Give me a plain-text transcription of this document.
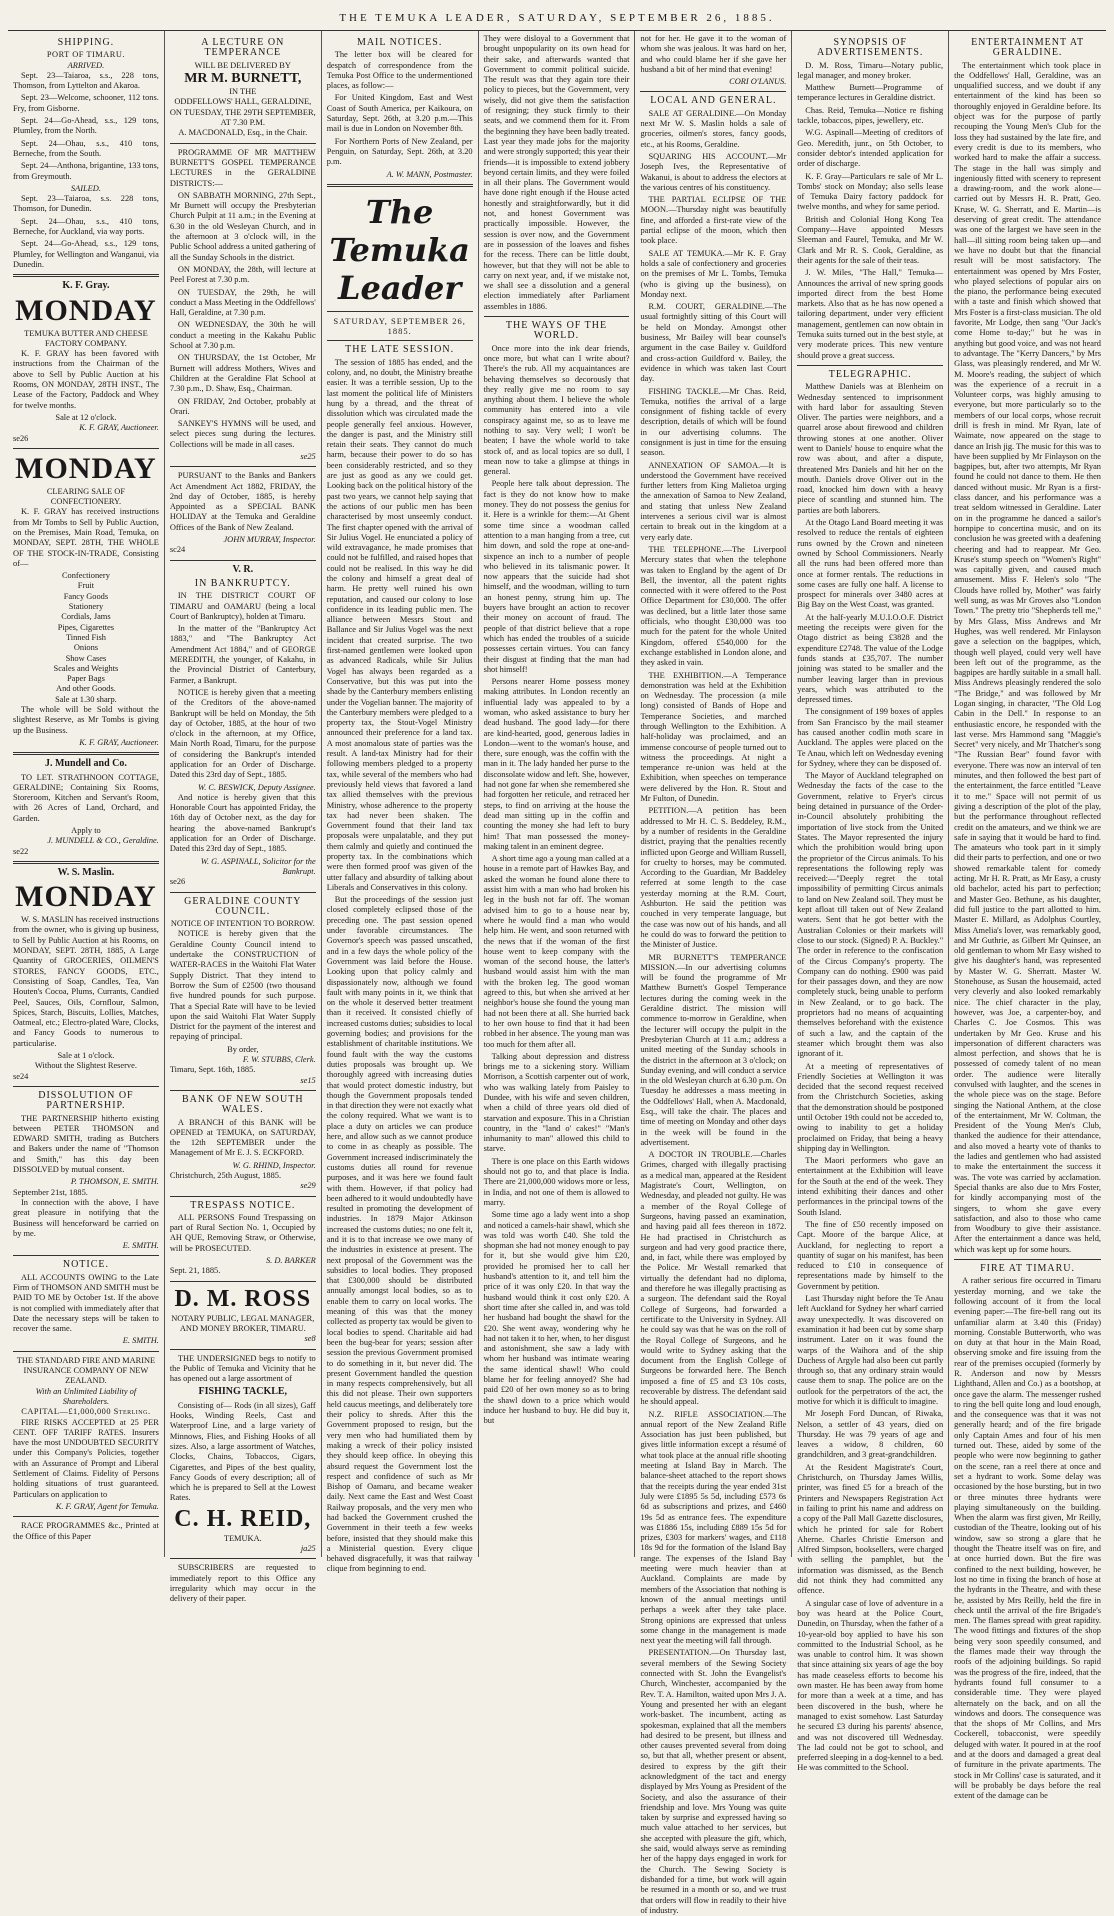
THE TEMUKA LEADER, SATURDAY, SEPTEMBER 26, 1885.
SHIPPING.
PORT OF TIMARU.
ARRIVED.

Sept. 23—Taiaroa, s.s., 228 tons, Thomson, from Lyttelton and Akaroa.

Sept. 23—Welcome, schooner, 112 tons. Fry, from Gisborne.

Sept. 24—Go-Ahead, s.s., 129 tons, Plumley, from the North.

Sept. 24—Ohau, s.s., 410 tons, Berneche, from the South.

Sept. 24—Anthona, brigantine, 133 tons, from Greymouth.

SAILED.

Sept. 23—Taiaroa, s.s. 228 tons, Thomson, for Dunedin.

Sept. 24—Ohau, s.s., 410 tons, Berneche, for Auckland, via way ports.

Sept. 24—Go-Ahead, s.s., 129 tons, Plumley, for Wellington and Wanganui, via Dunedin.

K. F. Gray.
MONDAY
TEMUKA BUTTER AND CHEESE FACTORY COMPANY.

K. F. GRAY has been favored with instructions from the Chairman of the above to Sell by Public Auction at his Rooms, ON MONDAY, 28TH INST., The Lease of the Factory, Paddock and Whey for twelve months.

Sale at 12 o'clock.
K. F. GRAY, Auctioneer.
se26
MONDAY
CLEARING SALE OF CONFECTIONERY.

K. F. GRAY has received instructions from Mr Tombs to Sell by Public Auction, on the Premises, Main Road, Temuka, on MONDAY, SEPT. 28TH, THE WHOLE OF THE STOCK-IN-TRADE, Consisting of—

Confectionery
Fruit
Fancy Goods
Stationery
Cordials, Jams
Pipes, Cigarettes
Tinned Fish
Onions
Show Cases
Scales and Weights
Paper Bags
And other Goods.
Sale at 1.30 sharp.

The whole will be Sold without the slightest Reserve, as Mr Tombs is giving up the Business.

K. F. GRAY, Auctioneer.
J. Mundell and Co.

TO LET. STRATHNOON COTTAGE, GERALDINE; Containing Six Rooms, Storeroom, Kitchen and Servant's Room, with 26 Acres of Land, Orchard, and Garden.

Apply to
J. MUNDELL & CO., Geraldine.
se22
W. S. Maslin.
MONDAY

W. S. MASLIN has received instructions from the owner, who is giving up business, to Sell by Public Auction at his Rooms, on MONDAY, SEPT. 28TH, 1885, A Large Quantity of GROCERIES, OILMEN'S STORES, FANCY GOODS, ETC., Consisting of Soap, Candles, Tea, Van Houten's Cocoa, Plums, Currants, Candied Peel, Sauces, Oils, Cornflour, Salmon, Spices, Starch, Biscuits, Lollies, Matches, Oatmeal, etc.; Electro-plated Ware, Clocks, and Fancy Goods to numerous to particularise.

Sale at 1 o'clock.
Without the Slightest Reserve.
se24
DISSOLUTION OF PARTNERSHIP.

THE PARTNERSHIP hitherto existing between PETER THOMSON and EDWARD SMITH, trading as Butchers and Bakers under the name of "Thomson and Smith," has this day been DISSOLVED by mutual consent.

P. THOMSON, E. SMITH.
September 21st, 1885.

In connection with the above, I have great pleasure in notifying that the Business will henceforward be carried on by me.

E. SMITH.
NOTICE.

ALL ACCOUNTS OWING to the Late Firm of THOMSON AND SMITH must be PAID TO ME by October 1st. If the above is not complied with immediately after that Date the necessary steps will be taken to recover the same.

E. SMITH.
THE STANDARD FIRE AND MARINE INSURANCE COMPANY OF NEW ZEALAND.
With an Unlimited Liability of Shareholders.
CAPITAL—£1,000,000 Sterling.

FIRE RISKS ACCEPTED at 25 PER CENT. OFF TARIFF RATES. Insurers have the most UNDOUBTED SECURITY under this Company's Policies, together with an Assurance of Prompt and Liberal Settlement of Claims. Fidelity of Persons holding situations of trust guaranteed. Particulars on application to

K. F. GRAY, Agent for Temuka.

RACE PROGRAMMES &c., Printed at the Office of this Paper

A LECTURE ON TEMPERANCE
WILL BE DELIVERED BY
MR M. BURNETT,
IN THE
ODDFELLOWS' HALL, GERALDINE, ON TUESDAY, THE 29TH SEPTEMBER, AT 7.30 P.M.
A. MACDONALD, Esq., in the Chair.

PROGRAMME OF MR MATTHEW BURNETT'S GOSPEL TEMPERANCE LECTURES in the GERALDINE DISTRICTS:—

ON SABBATH MORNING, 27th Sept., Mr Burnett will occupy the Presbyterian Church Pulpit at 11 a.m.; in the Evening at 6.30 in the old Wesleyan Church, and in the afternoon at 3 o'clock will, in the Public School address a united gathering of all the Sunday Schools in the district.

ON MONDAY, the 28th, will lecture at Peel Forest at 7.30 p.m.

ON TUESDAY, the 29th, he will conduct a Mass Meeting in the Oddfellows' Hall, Geraldine, at 7.30 p.m.

ON WEDNESDAY, the 30th he will conduct a meeting in the Kakahu Public School at 7.30 p.m.

ON THURSDAY, the 1st October, Mr Burnett will address Mothers, Wives and Children at the Geraldine Flat School at 7.30 p.m., D. Shaw, Esq., Chairman.

ON FRIDAY, 2nd October, probably at Orari.

SANKEY'S HYMNS will be used, and select pieces sung during the lectures. Collections will be made in all cases.

se25

PURSUANT to the Banks and Bankers Act Amendment Act 1882, FRIDAY, the 2nd day of October, 1885, is hereby Appointed as a SPECIAL BANK HOLIDAY at the Temuka and Geraldine Offices of the Bank of New Zealand.

JOHN MURRAY, Inspector.
sc24
V. R.
IN BANKRUPTCY.

IN THE DISTRICT COURT OF TIMARU and OAMARU (being a local Court of Bankruptcy), holden at Timaru.

In the matter of the "Bankruptcy Act 1883," and "The Bankruptcy Act Amendment Act 1884," and of GEORGE MEREDITH, the younger, of Kakahu, in the Provincial District of Canterbury, Farmer, a Bankrupt.

NOTICE is hereby given that a meeting of the Creditors of the above-named Bankrupt will be held on Monday, the 5th day of October, 1885, at the hour of two o'clock in the afternoon, at my Office, Main North Road, Timaru, for the purpose of considering the Bankrupt's intended application for an Order of Discharge. Dated this 23rd day of Sept., 1885.

W. C. BESWICK, Deputy Assignee.

And notice is hereby given that this Honorable Court has appointed Friday, the 16th day of October next, as the day for hearing the above-named Bankrupt's application for an Order of Discharge. Dated this 23rd day of Sept., 1885.

W. G. ASPINALL, Solicitor for the Bankrupt.
se26
GERALDINE COUNTY COUNCIL.
NOTICE OF INTENTION TO BORROW.

NOTICE is hereby given that the Geraldine County Council intend to undertake the CONSTRUCTION of WATER-RACES in the Waitohi Flat Water Supply District. That they intend to Borrow the Sum of £2500 (two thousand five hundred pounds for such purpose. That a Special Rate will have to be levied upon the said Waitohi Flat Water Supply District for the payment of the interest and repaying of principal.

By order,
F. W. STUBBS, Clerk.
Timaru, Sept. 16th, 1885.
se15
BANK OF NEW SOUTH WALES.

A BRANCH of this BANK will be OPENED at TEMUKA, on SATURDAY, the 12th SEPTEMBER under the Management of Mr E. J. S. ECKFORD.

W. G. RHIND, Inspector.
Christchurch, 25th August, 1885.
se29
TRESPASS NOTICE.

ALL PERSONS Found Trespassing on part of Rural Section No. 1, Occupied by AH QUE, Removing Straw, or Otherwise, will be PROSECUTED.

S. D. BARKER
Sept. 21, 1885.
D. M. ROSS
NOTARY PUBLIC, LEGAL MANAGER, AND MONEY BROKER, TIMARU.
se8

THE UNDERSIGNED begs to notify to the Public of Temuka and Vicinity that he has opened out a large assortment of

FISHING TACKLE,

Consisting of— Rods (in all sizes), Gaff Hooks, Winding Reels, Cast and Waterproof Line, and a large variety of Minnows, Flies, and Fishing Hooks of all sizes. Also, a large assortment of Watches, Clocks, Chains, Tobaccos, Cigars, Cigarettes, and Pipes of the best quality, Fancy Goods of every description; all of which he is prepared to Sell at the Lowest Rates.

C. H. REID,
TEMUKA.
ja25

SUBSCRIBERS are requested to immediately report to this Office any irregularity which may occur in the delivery of their paper.

MAIL NOTICES.

The letter box will be cleared for despatch of correspondence from the Temuka Post Office to the undermentioned places, as follow:—

For United Kingdom, East and West Coast of South America, per Kaikoura, on Saturday, Sept. 26th, at 3.20 p.m.—This mail is due in London on November 8th.

For Northern Ports of New Zealand, per Penguin, on Saturday, Sept. 26th, at 3.20 p.m.

A. W. MANN, Postmaster.
The Temuka Leader
SATURDAY, SEPTEMBER 26, 1885.
THE LATE SESSION.

The session of 1885 has ended, and the colony, and, no doubt, the Ministry breathe easier. It was a terrible session, Up to the last moment the political life of Ministers hung by a thread, and the threat of dissolution which was circulated made the people generally feel anxious. However, the danger is past, and the Ministry still retain their seats. They cannot do much harm, because their power to do so has been considerably restricted, and so they are just as good as any we could get. Looking back on the political history of the past two years, we cannot help saying that the actions of our public men has been characterised by most unseemly conduct. The first chapter opened with the arrival of Sir Julius Vogel. He enunciated a policy of wild extravagance, he made promises that could not be fulfilled, and raised hopes that could not be realised. In this way he did the colony and himself a great deal of harm. He pretty well ruined his own reputation, and caused our colony to lose confidence in its leading public men. The alliance between Messrs Stout and Ballance and Sir Julius Vogel was the next incident that created surprise. The two first-named gentlemen were looked upon as advanced Radicals, while Sir Julius Vogel has always been regarded as a Conservative, but this was put into the shade by the Canterbury members enlisting under the Vogelian banner. The majority of the Canterbury members were pledged to a property tax, the Stout-Vogel Ministry announced their preference for a land tax. A most anomalous state of parties was the result. A land-tax Ministry had for their following members pledged to a property tax, while several of the members who had previously held views that favored a land tax allied themselves with the previous Ministry, whose adherence to the property tax had never been shaken. The Government found that their land tax proposals were unpalatable, and they put them calmly and quietly and continued the property tax. In the combinations which were then formed proof was given of the utter fallacy and absurdity of talking about Liberals and Conservatives in this colony.

But the proceedings of the session just closed completely eclipsed those of the preceding one. The past session opened under favorable circumstances. The Governor's speech was passed unscathed, and in a few days the whole policy of the Government was laid before the House. Looking upon that policy calmly and dispassionately now, although we found fault with many points in it, we think that on the whole it deserved better treatment than it received. It consisted chiefly of increased customs duties; subsidies to local governing bodies; and provisions for the establishment of charitable institutions. We found fault with the way the customs duties proposals was brought up. We thoroughly agreed with increasing duties that would protect domestic industry, but though the Government proposals tended in that direction they were not exactly what the colony required. What we want is to place a duty on articles we can produce here, and allow such as we cannot produce to come in as cheaply as possible. The Government increased indiscriminately the customs duties all round for revenue purposes, and it was here we found fault with them. However, if that policy had been adhered to it would undoubtedly have resulted in promoting the development of industries. In 1879 Major Atkinson increased the customs duties; no one felt it, and it is to that increase we owe many of the industries in existence at present. The next proposal of the Government was the subsidies to local bodies. They proposed that £300,000 should be distributed annually amongst local bodies, so as to enable them to carry on local works. The meaning of this was that the money collected as property tax would be given to local bodies to spend. Charitable aid had been the bug-bear for years; session after session the previous Government promised to do something in it, but never did. The present Government handled the question in many respects comprehensively, but all this did not please. Their own supporters held caucus meetings, and deliberately tore their policy to shreds. After this the Government proposed to resign, but the very men who had humiliated them by making a wreck of their policy insisted they should keep office. In obeying this absurd request the Government lost the respect and confidence of such as Mr Bishop of Oamaru, and became weaker daily. Next came the East and West Coast Railway proposals, and the very men who had backed the Government crushed the Government in their teeth a few weeks before, insisted that they should make this a Ministerial question. Every clique behaved disgracefully, it was that railway clique from beginning to end.

They were disloyal to a Government that brought unpopularity on its own head for their sake, and afterwards wanted that Government to commit political suicide. The result was that they again tore their policy to pieces, but the Government, very wisely, did not give them the satisfaction of resigning; they stuck firmly to their seats, and we commend them for it. From the beginning they have been badly treated. Last year they made jobs for the majority and were strongly supported; this year their friends—it is impossible to extend jobbery beyond certain limits, and they were foiled in all their plans. The Government would have done right enough if the House acted honestly and straightforwardly, but it did not, and honest Government was practically impossible. However, the session is over now, and the Government are in possession of the loaves and fishes for the recess. There can be little doubt, however, but that they will not be able to carry on next year, and, if we mistake not, we shall see a dissolution and a general election immediately after Parliament assembles in 1886.

THE WAYS OF THE WORLD.

Once more into the ink dear friends, once more, but what can I write about? There's the rub. All my acquaintances are behaving themselves so decorously that they really give me no room to say anything about them. I believe the whole community has entered into a vile conspiracy against me, so as to leave me nothing to say. Very well; I won't be beaten; I have the whole world to take stock of, and as local topics are so dull, I mean now to take a glimpse at things in general.

People here talk about depression. The fact is they do not know how to make money. They do not possess the genius for it. Here is a wrinkle for them:—At Ghent some time since a woodman called attention to a man hanging from a tree, cut him down, and sold the rope at one-and-sixpence an inch to a number of people who believed in its talismanic power. It now appears that the suicide had shot himself, and the woodman, willing to turn an honest penny, strung him up. The buyers have brought an action to recover their money on account of fraud. The people of that district believe that a rope which has ended the troubles of a suicide possesses certain virtues. You can fancy their disgust at finding that the man had shot himself!

Persons nearer Home possess money making attributes. In London recently an influential lady was appealed to by a woman, who asked assistance to bury her dead husband. The good lady—for there are kind-hearted, good, generous ladies in London—went to the woman's house, and there, sure enough, was the coffin with the man in it. The lady handed her purse to the disconsolate widow and left. She, however, had not gone far when she remembered she had forgotten her reticule, and retraced her steps, to find on arriving at the house the dead man sitting up in the coffin and counting the money she had left to bury him! That man possessed the money-making talent in an eminent degree.

A short time ago a young man called at a house in a remote part of Hawkes Bay, and asked the woman he found alone there to assist him with a man who had broken his leg in the bush not far off. The woman advised him to go to a house near by, where he would find a man who would help him. He went, and soon returned with the news that if the woman of the first house went to keep company with the woman of the second house, the latter's husband would assist him with the man with the broken leg. The good woman agreed to this, but when she arrived at her neighbor's house she found the young man had not been there at all. She hurried back to her own house to find that it had been robbed in her absence. The young man was too much for them after all.

Talking about depression and distress brings me to a sickening story. William Morrison, a Scottish carpenter out of work, who was walking lately from Paisley to Dundee, with his wife and seven children, when a child of three years old died of starvation and exposure. This in a Christian country, in the "land o' cakes!" "Man's inhumanity to man" allowed this child to starve.

There is one place on this Earth widows should not go to, and that place is India. There are 21,000,000 widows more or less, in India, and not one of them is allowed to marry.

Some time ago a lady went into a shop and noticed a camels-hair shawl, which she was told was worth £40. She told the shopman she had not money enough to pay for it, but she would give him £20, provided he promised her to call her husband's attention to it, and tell him the price of it was only £20. In that way the husband would think it cost only £20. A short time after she called in, and was told her husband had bought the shawl for the £20. She went away, wondering why he had not taken it to her, when, to her disgust and astonishment, she saw a lady with whom her husband was intimate wearing the same identical shawl! Who could blame her for feeling annoyed? She had paid £20 of her own money so as to bring the shawl down to a price which would induce her husband to buy. He did buy it, but

not for her. He gave it to the woman of whom she was jealous. It was hard on her, and who could blame her if she gave her husband a bit of her mind that evening!

CORI O'LANUS.
LOCAL AND GENERAL.

SALE AT GERALDINE.—On Monday next Mr W. S. Maslin holds a sale of groceries, oilmen's stores, fancy goods, etc., at his Rooms, Geraldine.

SQUARING HIS ACCOUNT.—Mr Joseph Ives, the Representative of Wakanui, is about to address the electors at the various centres of his constituency.

THE PARTIAL ECLIPSE OF THE MOON.—Thursday night was beautifully fine, and afforded a first-rate view of the partial eclipse of the moon, which then took place.

SALE AT TEMUKA.—Mr K. F. Gray holds a sale of confectionery and groceries on the premises of Mr L. Tombs, Temuka (who is giving up the business), on Monday next.

R.M. COURT, GERALDINE.—The usual fortnightly sitting of this Court will be held on Monday. Amongst other business, Mr Bailey will bear counsel's argument in the case Bailey v. Guildford and cross-action Guildford v. Bailey, the evidence in which was taken last Court day.

FISHING TACKLE.—Mr Chas. Reid, Temuka, notifies the arrival of a large consignment of fishing tackle of every description, details of which will be found in our advertising columns. The consignment is just in time for the ensuing season.

ANNEXATION OF SAMOA.—It is understood the Government have received further letters from King Malietoa urging the annexation of Samoa to New Zealand, and stating that unless New Zealand intervenes a serious civil war is almost certain to break out in the kingdom at a very early date.

THE TELEPHONE.—The Liverpool Mercury states that when the telephone was taken to England by the agent of Dr Bell, the inventor, all the patent rights connected with it were offered to the Post Office Department for £30,000. The offer was declined, but a little later those same officials, who thought £30,000 was too much for the patent for the whole United Kingdom, offered £540,000 for the exchange established in London alone, and they asked in vain.

THE EXHIBITION.—A Temperance demonstration was held at the Exhibition on Wednesday. The procession (a mile long) consisted of Bands of Hope and Temperance Societies, and marched through Wellington to the Exhibition. A half-holiday was proclaimed, and an immense concourse of people turned out to witness the proceedings. At night a temperance re-union was held at the Exhibition, when speeches on temperance were delivered by the Hon. R. Stout and Mr Fulton, of Dunedin.

PETITION.—A petition has been addressed to Mr H. C. S. Beddeley, R.M., by a number of residents in the Geraldine district, praying that the penalties recently inflicted upon George and William Russell, for cruelty to horses, may be commuted. According to the Guardian, Mr Baddeley referred at some length to the case yesterday morning at the R.M. Court, Ashburton. He said the petition was couched in very temperate language, but the case was now out of his hands, and all he could do was to forward the petition to the Minister of Justice.

MR BURNETT'S TEMPERANCE MISSION.—In our advertising columns will be found the programme of Mr Matthew Burnett's Gospel Temperance lectures during the coming week in the Geraldine district. The mission will commence to-morrow in Geraldine, when the lecturer will occupy the pulpit in the Presbyterian Church at 11 a.m.; address a united meeting of the Sunday schools in the district in the afternoon at 3 o'clock; on Sunday evening, and will conduct a service in the old Wesleyan church at 6.30 p.m. On Tuesday he addresses a mass meeting in the Oddfellows' Hall, when A. Macdonald, Esq., will take the chair. The places and time of meeting on Monday and other days in the week will be found in the advertisement.

A DOCTOR IN TROUBLE.—Charles Grimes, charged with illegally practising as a medical man, appeared at the Resident Magistrate's Court, Wellington, on Wednesday, and pleaded not guilty. He was a member of the Royal College of Surgeons, having passed an examination, and having paid all fees thereon in 1872. He had practised in Christchurch as surgeon and had very good practice there, and, in fact, while there was employed by the Police. Mr Westall remarked that virtually the defendant had no diploma, and therefore he was illegally practising as a surgeon. The defendant said the Royal College of Surgeons, had forwarded a certificate to the University in Sydney. All he could say was that he was on the roll of the Royal College of Surgeons, and he would write to Sydney asking that the document from the English College of Surgeons be forwarded here. The Bench imposed a fine of £5 and £3 10s costs, recoverable by distress. The defendant said he should appeal.

N.Z. RIFLE ASSOCIATION.—The annual report of the New Zealand Rifle Association has just been published, but gives little information except a résumé of what took place at the annual rifle shooting meeting at Island Bay in March. The balance-sheet attached to the report shows that the receipts during the year ended 31st July were £1895 5s 5d, including £573 6s 6d as subscriptions and prizes, and £460 19s 5d as entrance fees. The expenditure was £1886 15s, including £889 15s 5d for prizes, £303 for markers' wages, and £118 18s 9d for the formation of the Island Bay range. The expenses of the Island Bay meeting were much heavier than at Auckland. Complaints are made by members of the Association that nothing is known of the annual meetings until perhaps a week after they take place. Strong opinions are expressed that unless some change in the management is made next year the meeting will fall through.

PRESENTATION.—On Thursday last, several members of the Sewing Society connected with St. John the Evangelist's Church, Winchester, accompanied by the Rev. T. A. Hamilton, waited upon Mrs J. A. Young and presented her with an elegant work-basket. The incumbent, acting as spokesman, explained that all the members had desired to be present, but illness and other causes prevented several from doing so, but that all, whether present or absent, desired to express by the gift their acknowledgment of the tact and energy displayed by Mrs Young as President of the Society, and also the assurance of their friendship and love. Mrs Young was quite taken by surprise and expressed having so much value attached to her services, but she accepted with pleasure the gift, which, she said, would always serve as reminding her of the happy days engaged in work for the Church. The Sewing Society is disbanded for a time, but work will again be resumed in a month or so, and we trust that orders will flow in readily to their hive of industry.

SYNOPSIS OF ADVERTISEMENTS.

D. M. Ross, Timaru—Notary public, legal manager, and money broker.

Matthew Burnett—Programme of temperance lectures in Geraldine district.

Chas. Reid, Temuka—Notice re fishing tackle, tobaccos, pipes, jewellery, etc.

W.G. Aspinall—Meeting of creditors of Geo. Meredith, junr., on 5th October, to consider debtor's intended application for order of discharge.

K. F. Gray—Particulars re sale of Mr L. Tombs' stock on Monday; also sells lease of Temuka Dairy factory paddock for twelve months, and whey for same period.

British and Colonial Hong Kong Tea Company—Have appointed Messrs Sleeman and Faurel, Temuka, and Mr W. Clark and Mr R. S. Cook, Geraldine, as their agents for the sale of their teas.

J. W. Miles, "The Hall," Temuka—Announces the arrival of new spring goods imported direct from the best Home markets. Also that as he has now opened a tailoring department, under very efficient management, gentlemen can now obtain in Temuka suits turned out in the best style, at very moderate prices. This new venture should prove a great success.

TELEGRAPHIC.

Matthew Daniels was at Blenheim on Wednesday sentenced to imprisonment with hard labor for assaulting Steven Oliver. The parties were neighbors, and a quarrel arose about firewood and children throwing stones at one another. Oliver went to Daniels' house to enquire what the row was about, and after a dispute, threatened Mrs Daniels and hit her on the mouth. Daniels drove Oliver out in the road, knocked him down with a heavy piece of scantling and stunned him. The parties are both laborers.

At the Otago Land Board meeting it was resolved to reduce the rentals of eighteen runs owned by the Crown and nineteen owned by School Commissioners. Nearly all the runs had been offered more than once at former rentals. The reductions in some cases are fully one half. A license to prospect for minerals over 3480 acres at Big Bay on the West Coast, was granted.

At the half-yearly M.U.I.O.O.F. District meeting the receipts were given for the Otago district as being £3828 and the expenditure £2748. The value of the Lodge funds stands at £35,707. The number joining was stated to be smaller and the number leaving larger than in previous years, which was attributed to the depressed times.

The consignment of 199 boxes of apples from San Francisco by the mail steamer has caused another codlin moth scare in Auckland. The apples were placed on the Te Anau, which left on Wednesday evening for Sydney, where they can be disposed of.

The Mayor of Auckland telegraphed on Wednesday the facts of the case to the Government, relative to Fryer's circus being detained in pursuance of the Order-in-Council absolutely prohibiting the importation of live stock from the United States. The Mayor represented the injury which the prohibition would bring upon the proprietor of the Circus animals. To his representations the following reply was received:—"Deeply regret the total impossibility of permitting Circus animals to land on New Zealand soil. They must be kept afloat till taken out of New Zealand waters. Sent that he got better with the Australian Colonies or their markets will close to our stock. (Signed) P. A. Buckley." The order in reference to the confiscation of the Circus Company's property. The Company can do nothing. £900 was paid for their passages down, and they are now completely stuck, being unable to perform in New Zealand, or to go back. The proprietors had no means of acquainting themselves beforehand with the existence of such a law, and the captain of the steamer which brought them was also ignorant of it.

At a meeting of representatives of Friendly Societies at Wellington it was decided that the second request received from the Christchurch Societies, asking that the demonstration should be postponed until October 19th could not be acceded to, owing to inability to get a holiday proclaimed on Friday, that being a heavy shipping day in Wellington.

The Maori performers who gave an entertainment at the Exhibition will leave for the South at the end of the week. They intend exhibiting their dances and other performances in the principal towns of the South Island.

The fine of £50 recently imposed on Capt. Moore of the barque Alice, at Auckland, for neglecting to report a quantity of sugar on his manifest, has been reduced to £10 in consequence of representations made by himself to the Government by petition.

Last Thursday night before the Te Anau left Auckland for Sydney her wharf carried away unexpectedly. It was discovered on examination it had been cut by some sharp instrument. Later on it was found the warps of the Waihora and of the ship Duchess of Argyle had also been cut partly through so, that any ordinary strain would cause them to snap. The police are on the outlook for the perpetrators of the act, the motive for which it is difficult to imagine.

Mr Joseph Ford Duncan, of Riwaka, Nelson, a settler of 43 years, died on Thursday. He was 79 years of age and leaves a widow, 8 children, 60 grandchildren, and 3 great-grandchildren.

At the Resident Magistrate's Court, Christchurch, on Thursday James Willis, printer, was fined £5 for a breach of the Printers and Newspapers Registration Act in failing to print his name and address on a copy of the Pall Mall Gazette disclosures, which he printed for sale for Robert Aherne. Charles Christie Emerson and Alfred Simpson, booksellers, were charged with selling the pamphlet, but the information was dismissed, as the Bench did not think they had committed any offence.

A singular case of love of adventure in a boy was heard at the Police Court, Dunedin, on Thursday, when the father of a 10-year-old boy applied to have his son committed to the Industrial School, as he was unable to control him. It was shown that since attaining six years of age the boy has made ceaseless efforts to become his own master. He has been away from home for more than a week at a time, and has been discovered in the bush, where he managed to exist somehow. Last Saturday he secured £3 during his parents' absence, and was not discovered till Wednesday. The lad could not be got to school, and preferred sleeping in a dog-kennel to a bed. He was committed to the School.

ENTERTAINMENT AT GERALDINE.

The entertainment which took place in the Oddfellows' Hall, Geraldine, was an unqualified success, and we doubt if any entertainment of the kind has been so thoroughly enjoyed in Geraldine before. Its object was for the purpose of partly recouping the Young Men's Club for the loss they had sustained by the late fire, and every credit is due to its members, who worked hard to make the affair a success. The stage in the hall was simply and ingeniously fitted with scenery to represent a drawing-room, and the work alone—carried out by Messrs H. R. Pratt, Geo. Kruse, W. G. Sherratt, and E. Martin—is deserving of great credit. The attendance was one of the largest we have seen in the hall—ill sitting room being taken up—and we have no doubt but that the financial result will be most satisfactory. The entertainment was opened by Mrs Foster, who played selections of popular airs on the piano, the performance being executed with a taste and finish which showed that Mrs Foster is a first-class musician. The old favorite, Mr Lodge, then sang "Our Jack's come Home to-day;" but he was in anything but good voice, and was not heard to advantage. The "Kerry Dancers," by Mrs Glass, was pleasingly rendered, and Mr W. M. Moore's reading, the subject of which was the experience of a recruit in a Volunteer corps, was highly amusing to everyone, but more particularly so to the members of our local corps, whose recruit drill is fresh in mind. Mr Ryan, late of Waimate, now appeared on the stage to dance an Irish jig. The music for this was to have been supplied by Mr Finlayson on the bagpipes, but, after two attempts, Mr Ryan found he could not dance to them. He then danced without music. Mr Ryan is a first-class dancer, and his performance was a treat seldom witnessed in Geraldine. Later on in the programme he danced a sailor's hornpipe to concertina music, and on its conclusion he was greeted with a deafening cheering and had to reappear. Mr Geo. Kruse's stump speech on "Women's Right" was capitally given, and caused much amusement. Miss F. Helen's solo "The Clouds have rolled by, Mother" was fairly well sung, as was Mr Groves also "London Town." The pretty trio "Shepherds tell me," by Mrs Glass, Miss Andrews and Mr Hughes, was well rendered. Mr Finlayson gave a selection on the bagpipes, which, though well played, could very well have been left out of the programme, as the bagpipes are hardly suitable in a small hall. Miss Andrews pleasingly rendered the solo "The Bridge," and was followed by Mr Logan singing, in character, "The Old Log Cabin in the Dell." In response to an enthusiastic encore, he responded with the last verse. Mrs Hammond sang "Maggie's Secret" very nicely, and Mr Thatcher's song "The Russian Bear" found favor with everyone. There was now an interval of ten minutes, and then followed the best part of the entertainment, the farce entitled "Leave it to me." Space will not permit of us giving a description of the plot of the play, but the performance throughout reflected credit on the amateurs, and we think we are safe in saying that it would be hard to find. The amateurs who took part in it simply did their parts to perfection, and one or two showed remarkable talent for comedy acting. Mr H. R. Pratt, as Mr Easy, a crusty old bachelor, acted his part to perfection; and Master Geo. Bethune, as his daughter, did full justice to the part allotted to him. Master E. Millard, as Adolphus Courtley, Miss Amelia's lover, was remarkably good, and Mr Guthrie, as Gilbert Mr Quinsee, an old gentleman to whom Mr Easy wished to give his daughter's hand, was represented by Master W. G. Sherratt. Master W. Stonehouse, as Susan the housemaid, acted very cleverly and also looked remarkably nice. The chief character in the play, however, was Joe, a carpenter-boy, and Charles C. Joe Cosmos. This was undertaken by Mr Geo. Kruse and his impersonation of different characters was almost perfection, and shows that he is possessed of comedy talent of no mean order. The audience were literally convulsed with laughter, and the scenes in the whole piece was on the stage. Before singing the National Anthem, at the close of the entertainment, Mr W. Coltman, the President of the Young Men's Club, thanked the audience for their attendance, and also moved a hearty vote of thanks to the ladies and gentlemen who had assisted to make the entertainment the success it was. The vote was carried by acclamation. Special thanks are also due to Mrs Foster, for kindly accompanying most of the singers, to whom she gave every satisfaction, and also to those who came from Woodbury to give their assistance. After the entertainment a dance was held, which was kept up for some hours.

FIRE AT TIMARU.

A rather serious fire occurred in Timaru yesterday morning, and we take the following account of it from the local evening paper:—The fire-bell rang out its unfamiliar alarm at 3.40 this (Friday) morning. Constable Butterworth, who was on duty at that hour in the Main Road, observing smoke and fire issuing from the rear of the premises occupied (formerly by R. Anderson and now by Messrs Lighthand, Allen and Co.) as a bootshop, at once gave the alarm. The messenger rushed to ring the bell quite long and loud enough, and the consequence was that it was not generally heard; and of the fire brigade only Captain Ames and four of his men turned out. These, aided by some of the people who were now beginning to gather on the scene, ran a reel there at once and set a hydrant to work. Some delay was occasioned by the hose bursting, but in two or three minutes three hydrants were playing simultaneously on the building. When the alarm was first given, Mr Reilly, custodian of the Theatre, looking out of his window, saw so strong a glare that he thought the Theatre itself was on fire, and at once hurried down. But the fire was confined to the next building, however, he lost no time in fixing the branch of hose at the hydrants in the Theatre, and with these he, assisted by Mrs Reilly, held the fire in check until the arrival of the fire Brigade's men. The flames spread with great rapidity. The wood fittings and fixtures of the shop being very soon speedily consumed, and the flames made their way through the roofs of the adjoining buildings. So rapid was the progress of the fire, indeed, that the hydrants found full consumer to a considerable time. They were played alternately on the back, and on all the windows and doors. The consequence was that the shops of Mr Collins, and Mrs Cockerell, tobacconist, were speedily deluged with water. It poured in at the roof and at the doors and damaged a great deal of furniture in the private apartments. The stock in Mr Collins' case is saturated, and it will be probably be days before the real extent of the damage can be
